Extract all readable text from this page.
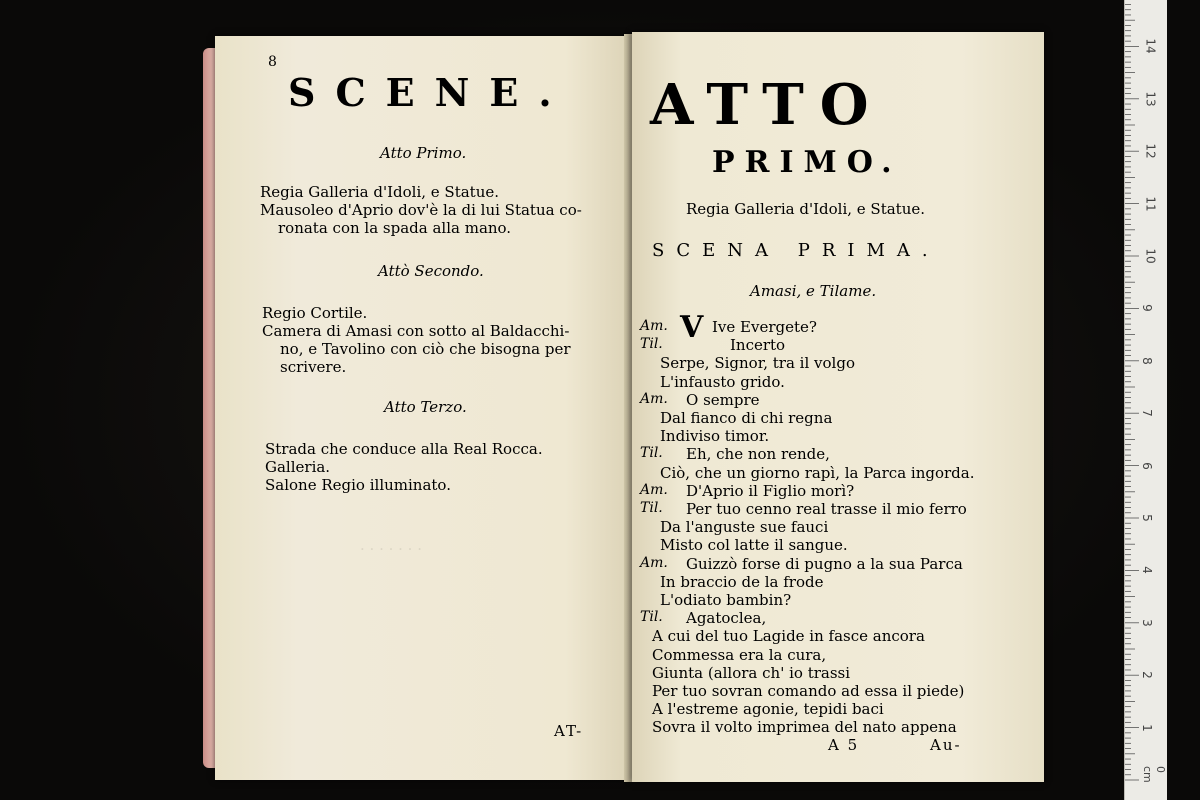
· · · · · · ·
8
SCENE.
Atto Primo.
Regia Galleria d'Idoli, e Statue.
Mausoleo d'Aprio dov'è la di lui Statua co-
ronata con la spada alla mano.
Attò Secondo.
Regio Cortile.
Camera di Amasi con sotto al Baldacchi-
no, e Tavolino con ciò che bisogna per
scrivere.
Atto Terzo.
Strada che conduce alla Real Rocca.
Galleria.
Salone Regio illuminato.
AT-
ATTO
PRIMO.
Regia Galleria d'Idoli, e Statue.
SCENA PRIMA.
Amasi, e Tilame.
V
Am.	Ive Evergete?
Til.	Incerto
Serpe, Signor, tra il volgo
L'infausto grido.
Am. O sempre
Dal fianco di chi regna
Indiviso timor.
Til. Eh, che non rende,
Ciò, che un giorno rapì, la Parca ingorda.
Am. D'Aprio il Figlio morì?
Til. Per tuo cenno real trasse il mio ferro
Da l'anguste sue fauci
Misto col latte il sangue.
Am. Guizzò forse di pugno a la sua Parca
In braccio de la frode
L'odiato bambin?
Til. Agatoclea,
A cui del tuo Lagide in fasce ancora
Commessa era la cura,
Giunta (allora ch' io trassi
Per tuo sovran comando ad essa il piede)
A l'estreme agonie, tepidi baci
Sovra il volto imprimea del nato appena
A 5	Au-
14
13
12
11
10
9
8
7
6
5
4
3
2
1
0 cm
